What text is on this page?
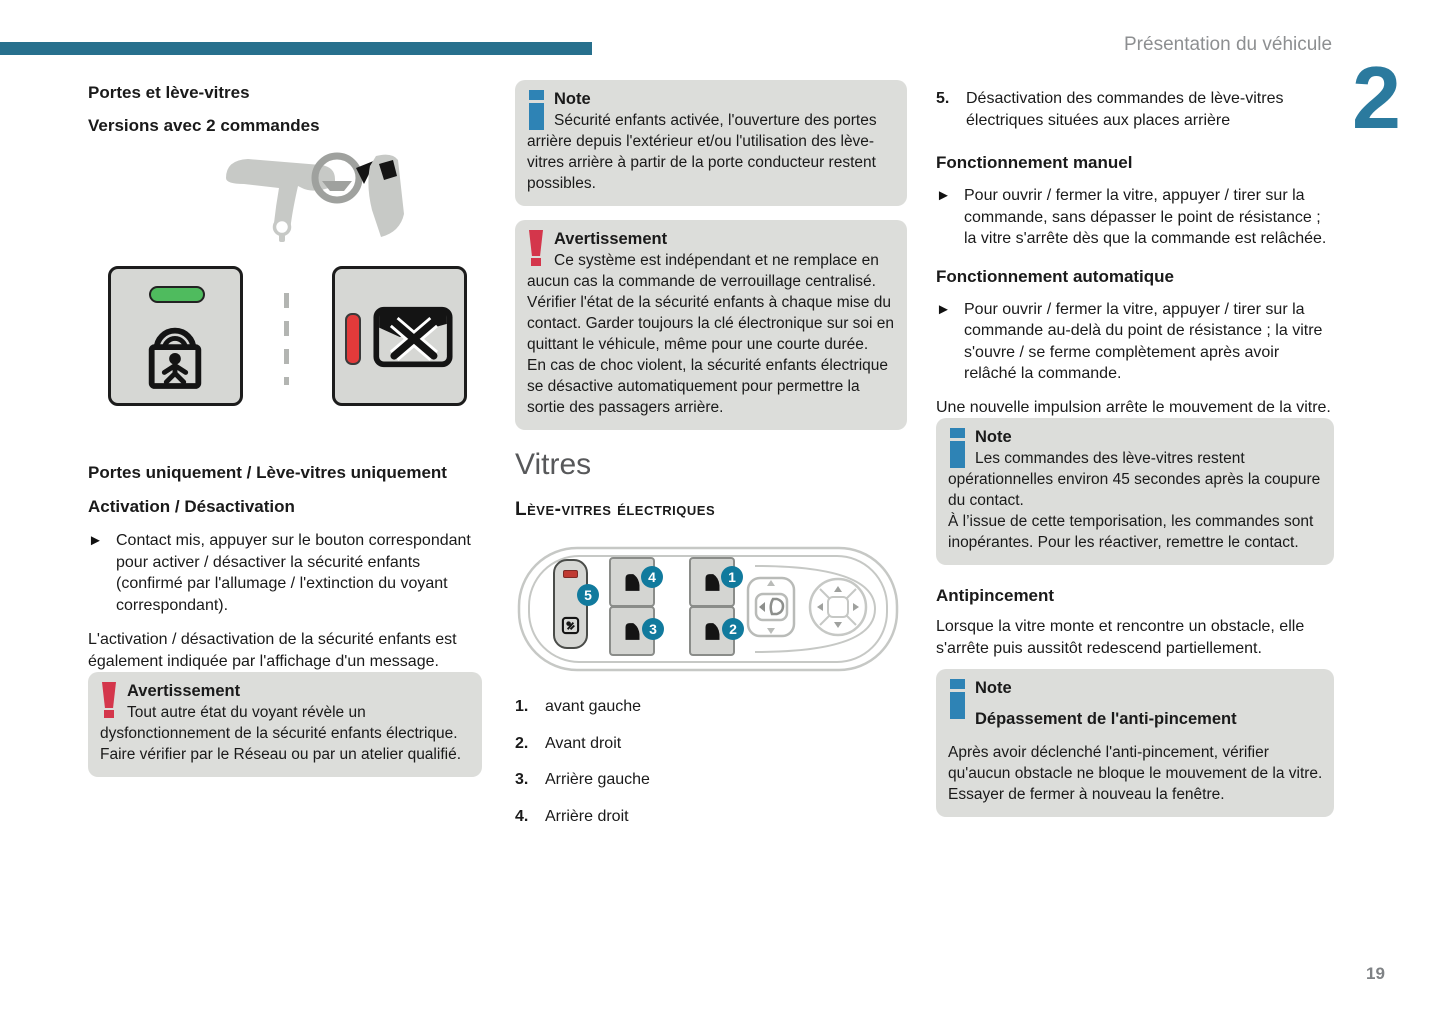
Présentation du véhicule
2
Portes et lève-vitres
Versions avec 2 commandes
Portes uniquement / Lève-vitres uniquement
Activation / Désactivation
► Contact mis, appuyer sur le bouton correspondant pour activer / désactiver la sécurité enfants (confirmé par l'allumage / l'extinction du voyant correspondant).

L'activation / désactivation de la sécurité enfants est également indiquée par l'affichage d'un message.

Avertissement
Tout autre état du voyant révèle un dysfonctionnement de la sécurité enfants électrique.
Faire vérifier par le Réseau ou par un atelier qualifié.
Note
Sécurité enfants activée, l'ouverture des portes arrière depuis l'extérieur et/ou l'utilisation des lève-vitres arrière à partir de la porte conducteur restent possibles.
Avertissement
Ce système est indépendant et ne remplace en aucun cas la commande de verrouillage centralisé.
Vérifier l'état de la sécurité enfants à chaque mise du contact. Garder toujours la clé électronique sur soi en quittant le véhicule, même pour une courte durée.
En cas de choc violent, la sécurité enfants électrique se désactive automatiquement pour permettre la sortie des passagers arrière.
Vitres
Lève-vitres électriques
5
4
3
1
2
1.	avant gauche
2.	Avant droit
3.	Arrière gauche
4.	Arrière droit
5.	Désactivation des commandes de lève-vitres électriques situées aux places arrière
Fonctionnement manuel
► Pour ouvrir / fermer la vitre, appuyer / tirer sur la commande, sans dépasser le point de résistance ; la vitre s'arrête dès que la commande est relâchée.

Fonctionnement automatique
► Pour ouvrir / fermer la vitre, appuyer / tirer sur la commande au-delà du point de résistance ; la vitre s'ouvre / se ferme complètement après avoir relâché la commande.

Une nouvelle impulsion arrête le mouvement de la vitre.

Note
Les commandes des lève-vitres restent opérationnelles environ 45 secondes après la coupure du contact.
À l’issue de cette temporisation, les commandes sont inopérantes. Pour les réactiver, remettre le contact.
Antipincement

Lorsque la vitre monte et rencontre un obstacle, elle s'arrête puis aussitôt redescend partiellement.

Note
Dépassement de l'anti-pincement
Après avoir déclenché l'anti-pincement, vérifier qu'aucun obstacle ne bloque le mouvement de la vitre.
Essayer de fermer à nouveau la fenêtre.
19
